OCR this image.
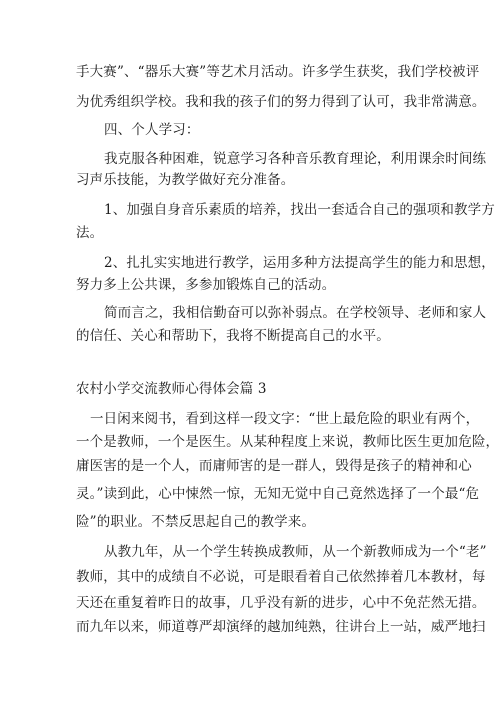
手大赛”、“器乐大赛”等艺术月活动。许多学生获奖，我们学校被评
为优秀组织学校。我和我的孩子们的努力得到了认可，我非常满意。
四、个人学习：
我克服各种困难，锐意学习各种音乐教育理论，利用课余时间练
习声乐技能，为教学做好充分准备。
1、加强自身音乐素质的培养，找出一套适合自己的强项和教学方
法。
2、扎扎实实地进行教学，运用多种方法提高学生的能力和思想，
努力多上公共课，多参加锻炼自己的活动。
简而言之，我相信勤奋可以弥补弱点。在学校领导、老师和家人
的信任、关心和帮助下，我将不断提高自己的水平。
农村小学交流教师心得体会篇 3
一日闲来阅书，看到这样一段文字：“世上最危险的职业有两个，
一个是教师，一个是医生。从某种程度上来说，教师比医生更加危险，
庸医害的是一个人，而庸师害的是一群人，毁得是孩子的精神和心
灵。”读到此，心中悚然一惊，无知无觉中自己竟然选择了一个最“危
险”的职业。不禁反思起自己的教学来。
从教九年，从一个学生转换成教师，从一个新教师成为一个“老”
教师，其中的成绩自不必说，可是眼看着自己依然捧着几本教材，每
天还在重复着昨日的故事，几乎没有新的进步，心中不免茫然无措。
而九年以来，师道尊严却演绎的越加纯熟，往讲台上一站，威严地扫
